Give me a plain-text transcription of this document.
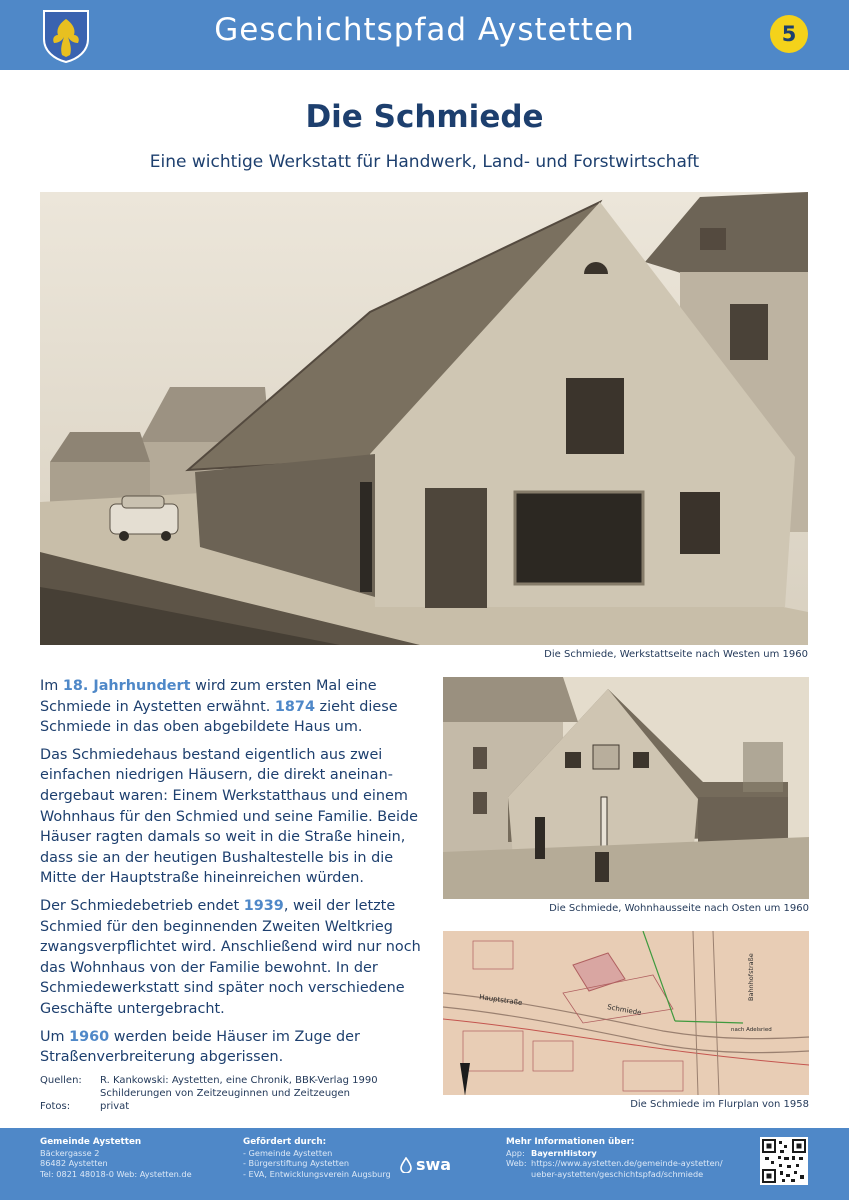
Geschichtspfad Aystetten	5
Die Schmiede
Eine wichtige Werkstatt für Handwerk, Land- und Forstwirtschaft
Die Schmiede, Werkstattseite nach Westen um 1960

Im 18. Jahrhundert wird zum ersten Mal eine Schmiede in Aystetten erwähnt. 1874 zieht diese Schmiede in das oben abgebildete Haus um.

Das Schmiedehaus bestand eigentlich aus zwei einfachen niedrigen Häusern, die direkt aneinandergebaut waren: Einem Werkstatthaus und einem Wohnhaus für den Schmied und seine Familie. Beide Häuser ragten damals so weit in die Straße hinein, dass sie an der heutigen Bushaltestelle bis in die Mitte der Hauptstraße hineinreichen würden.

Der Schmiedebetrieb endet 1939, weil der letzte Schmied für den beginnenden Zweiten Weltkrieg zwangsverpflichtet wird. Anschließend wird nur noch das Wohnhaus von der Familie bewohnt. In der Schmiedewerkstatt sind später noch verschiedene Geschäfte untergebracht.

Um 1960 werden beide Häuser im Zuge der Straßenverbreiterung abgerissen.

Die Schmiede, Wohnhausseite nach Osten um 1960
Hauptstraße
Schmiede
Bahnhofstraße
nach Adelsried
Die Schmiede im Flurplan von 1958
Quellen:	R. Kankowski: Aystetten, eine Chronik, BBK-Verlag 1990
Schilderungen von Zeitzeuginnen und Zeitzeugen
Fotos:	privat
Gemeinde Aystetten
Bäckergasse 2
86482 Aystetten
Tel: 0821 48018-0 Web: Aystetten.de
Gefördert durch:
- Gemeinde Aystetten
- Bürgerstiftung Aystetten
- EVA, Entwicklungsverein Augsburg swa
Mehr Informationen über:
App: BayernHistory
Web: https://www.aystetten.de/gemeinde-aystetten/
ueber-aystetten/geschichtspfad/schmiede
